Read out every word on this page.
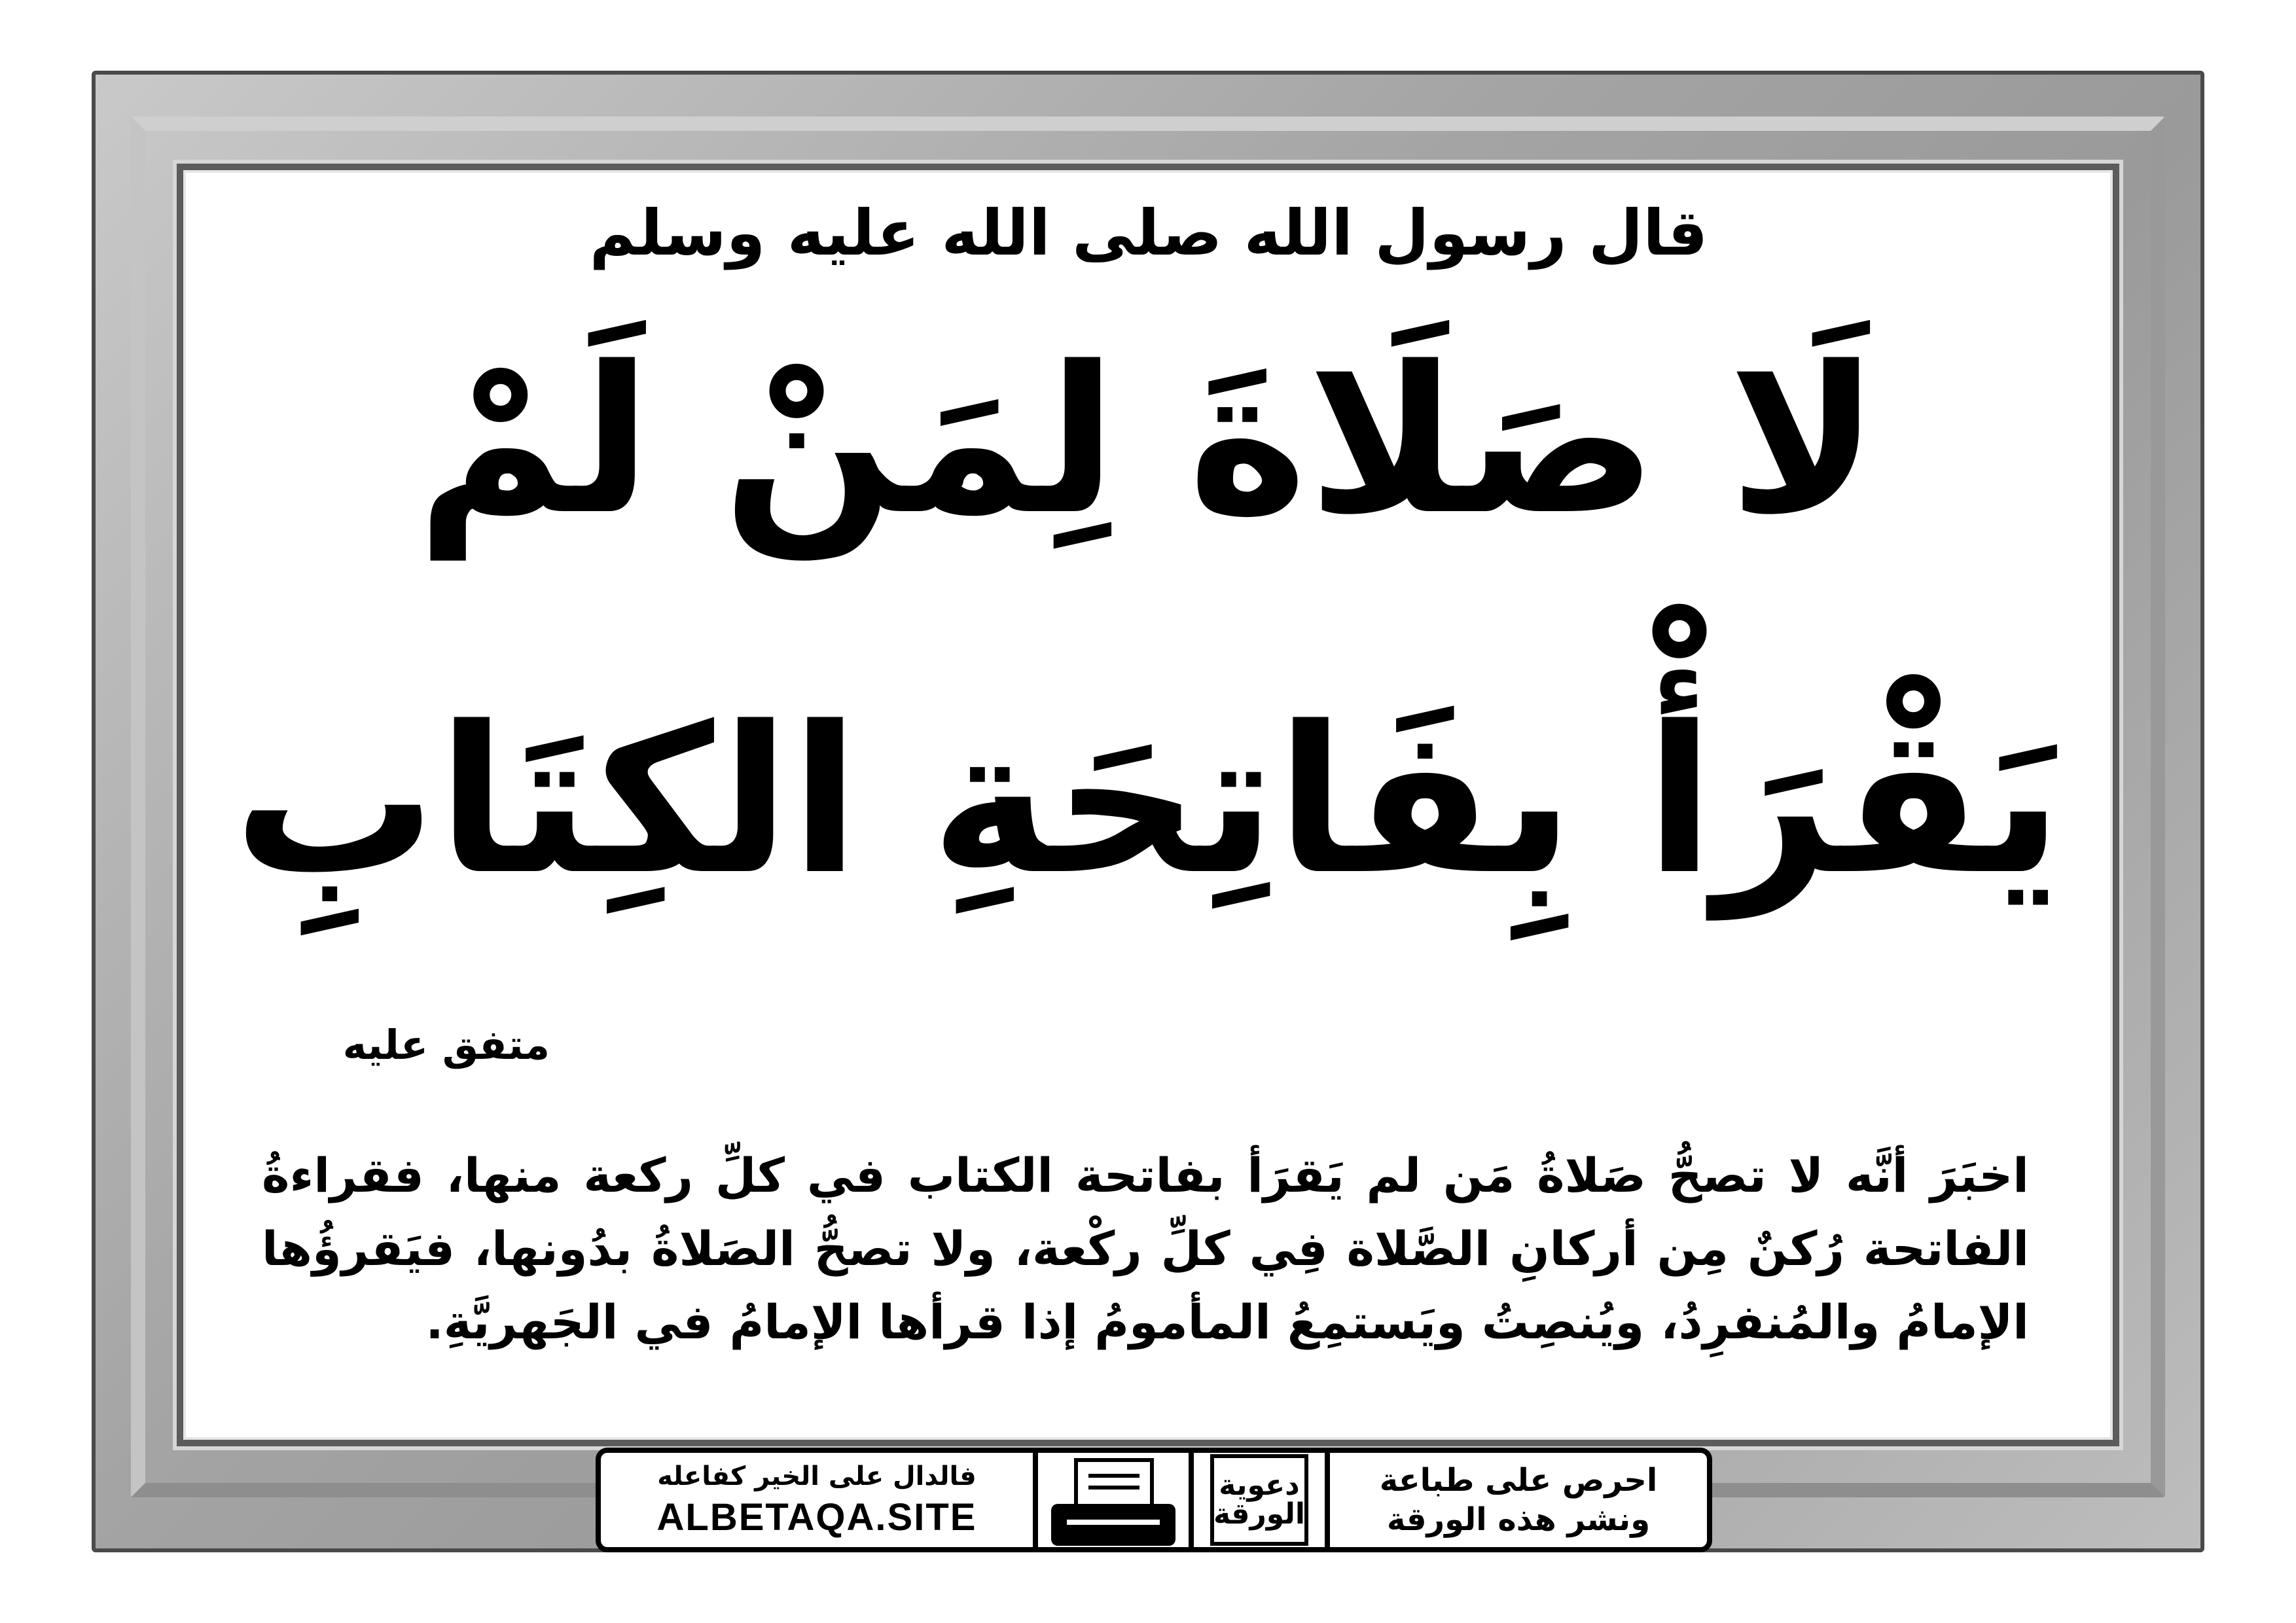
قال رسول الله صلى الله عليه وسلم
لَا صَلَاةَ لِمَنْ لَمْ
يَقْرَأْ بِفَاتِحَةِ الكِتَابِ
متفق عليه
اخبَرَ أنَّه لا تصحُّ صَلاةُ مَن لم يَقرَأ بفاتحة الكتاب في كلِّ ركعة منها، فقراءةُ الفاتحة رُكنٌ مِن أركانِ الصَّلاة فِي كلِّ ركْعة، ولا تصحُّ الصَلاةُ بدُونها، فيَقرؤُها الإمامُ والمُنفرِدُ، ويُنصِتُ ويَستمِعُ المأمومُ إذا قرأها الإمامُ في الجَهريَّةِ.
فالدال على الخير كفاعله
ALBETAQA.SITE
دعوية
الورقة
احرص على طباعة
ونشر هذه الورقة
